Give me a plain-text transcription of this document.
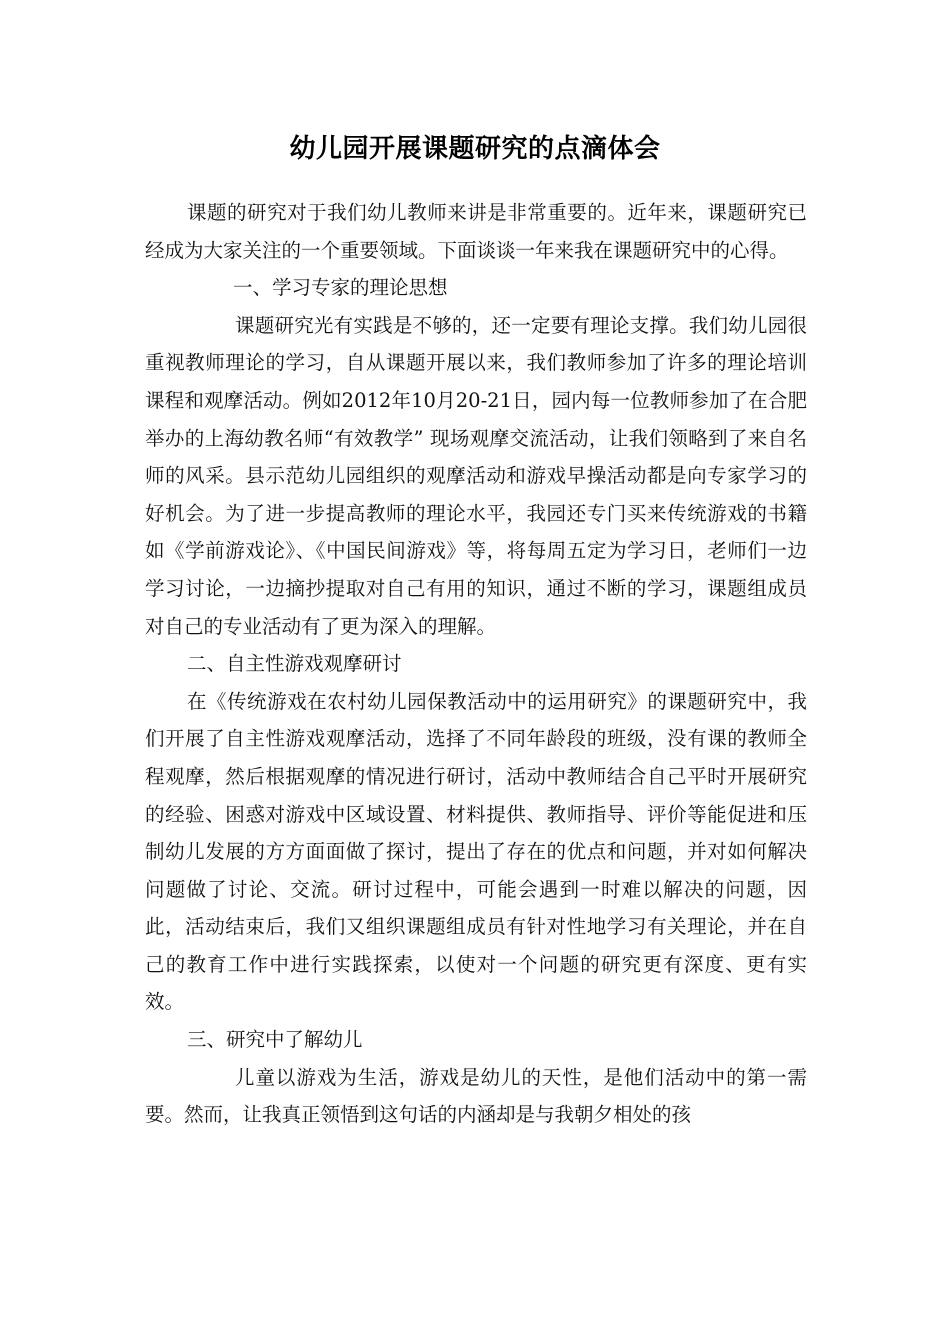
幼儿园开展课题研究的点滴体会

课题的研究对于我们幼儿教师来讲是非常重要的。近年来，课题研究已经成为大家关注的一个重要领域。下面谈谈一年来我在课题研究中的心得。

一、学习专家的理论思想

课题研究光有实践是不够的，还一定要有理论支撑。我们幼儿园很重视教师理论的学习，自从课题开展以来，我们教师参加了许多的理论培训课程和观摩活动。例如2012年10月20-21日，园内每一位教师参加了在合肥举办的上海幼教名师“有效教学” 现场观摩交流活动，让我们领略到了来自名师的风采。县示范幼儿园组织的观摩活动和游戏早操活动都是向专家学习的好机会。为了进一步提高教师的理论水平，我园还专门买来传统游戏的书籍如《学前游戏论》、《中国民间游戏》等，将每周五定为学习日，老师们一边学习讨论，一边摘抄提取对自己有用的知识，通过不断的学习，课题组成员对自己的专业活动有了更为深入的理解。

二、自主性游戏观摩研讨

在《传统游戏在农村幼儿园保教活动中的运用研究》的课题研究中，我们开展了自主性游戏观摩活动，选择了不同年龄段的班级，没有课的教师全程观摩，然后根据观摩的情况进行研讨，活动中教师结合自己平时开展研究的经验、困惑对游戏中区域设置、材料提供、教师指导、评价等能促进和压制幼儿发展的方方面面做了探讨，提出了存在的优点和问题，并对如何解决问题做了讨论、交流。研讨过程中，可能会遇到一时难以解决的问题，因此，活动结束后，我们又组织课题组成员有针对性地学习有关理论，并在自己的教育工作中进行实践探索，以使对一个问题的研究更有深度、更有实效。

三、研究中了解幼儿

儿童以游戏为生活，游戏是幼儿的天性，是他们活动中的第一需要。然而，让我真正领悟到这句话的内涵却是与我朝夕相处的孩
